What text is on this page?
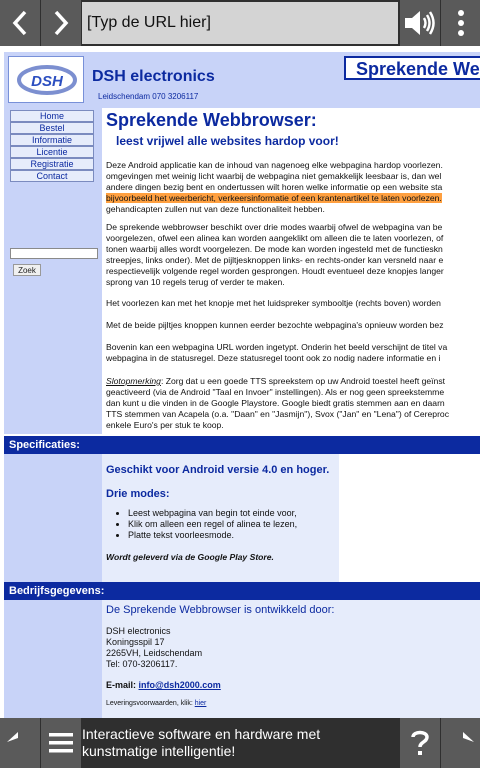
[Typ de URL hier]
DSH DSH electronics
Leidschendam 070 3206117
Sprekende We
Home
Bestel
Informatie
Licentie
Registratie
Contact
Zoek
Sprekende Webbrowser:
leest vrijwel alle websites hardop voor!
Deze Android applicatie kan de inhoud van nagenoeg elke webpagina hardop voorlezen.
omgevingen met weinig licht waarbij de webpagina niet gemakkelijk leesbaar is, dan wel
andere dingen bezig bent en ondertussen wilt horen welke informatie op een website sta
bijvoorbeeld het weerbericht, verkeersinformatie of een krantenartikel te laten voorlezen.
gehandicapten zullen nut van deze functionaliteit hebben.
De sprekende webbrowser beschikt over drie modes waarbij ofwel de webpagina van be
voorgelezen, ofwel een alinea kan worden aangeklikt om alleen die te laten voorlezen, of
tonen waarbij alles wordt voorgelezen. De mode kan worden ingesteld met de functieskn
streepjes, links onder). Met de pijltjesknoppen links- en rechts-onder kan versneld naar e
respectievelijk volgende regel worden gesprongen. Houdt eventueel deze knopjes langer
sprong van 10 regels terug of verder te maken.
Het voorlezen kan met het knopje met het luidspreker symbooltje (rechts boven) worden
Met de beide pijltjes knoppen kunnen eerder bezochte webpagina's opnieuw worden bez
Bovenin kan een webpagina URL worden ingetypt. Onderin het beeld verschijnt de titel va
webpagina in de statusregel. Deze statusregel toont ook zo nodig nadere informatie en i
Slotopmerking: Zorg dat u een goede TTS spreekstem op uw Android toestel heeft geïnst
geactiveerd (via de Android "Taal en Invoer" instellingen). Als er nog geen spreekstemme
dan kunt u die vinden in de Google Playstore. Google biedt gratis stemmen aan en daarn
TTS stemmen van Acapela (o.a. "Daan" en "Jasmijn"), Svox ("Jan" en "Lena") of Cereproc
enkele Euro's per stuk te koop.
Specificaties:
Geschikt voor Android versie 4.0 en hoger.
Drie modes:
• Leest webpagina van begin tot einde voor,
• Klik om alleen een regel of alinea te lezen,
• Platte tekst voorleesmode.
Wordt geleverd via de Google Play Store.
Bedrijfsgegevens:
De Sprekende Webbrowser is ontwikkeld door:
DSH electronics
Koningsspil 17
2265VH, Leidschendam
Tel: 070-3206117.
E-mail: info@dsh2000.com
Leveringsvoorwaarden, klik: hier
Interactieve software en hardware met kunstmatige intelligentie!
